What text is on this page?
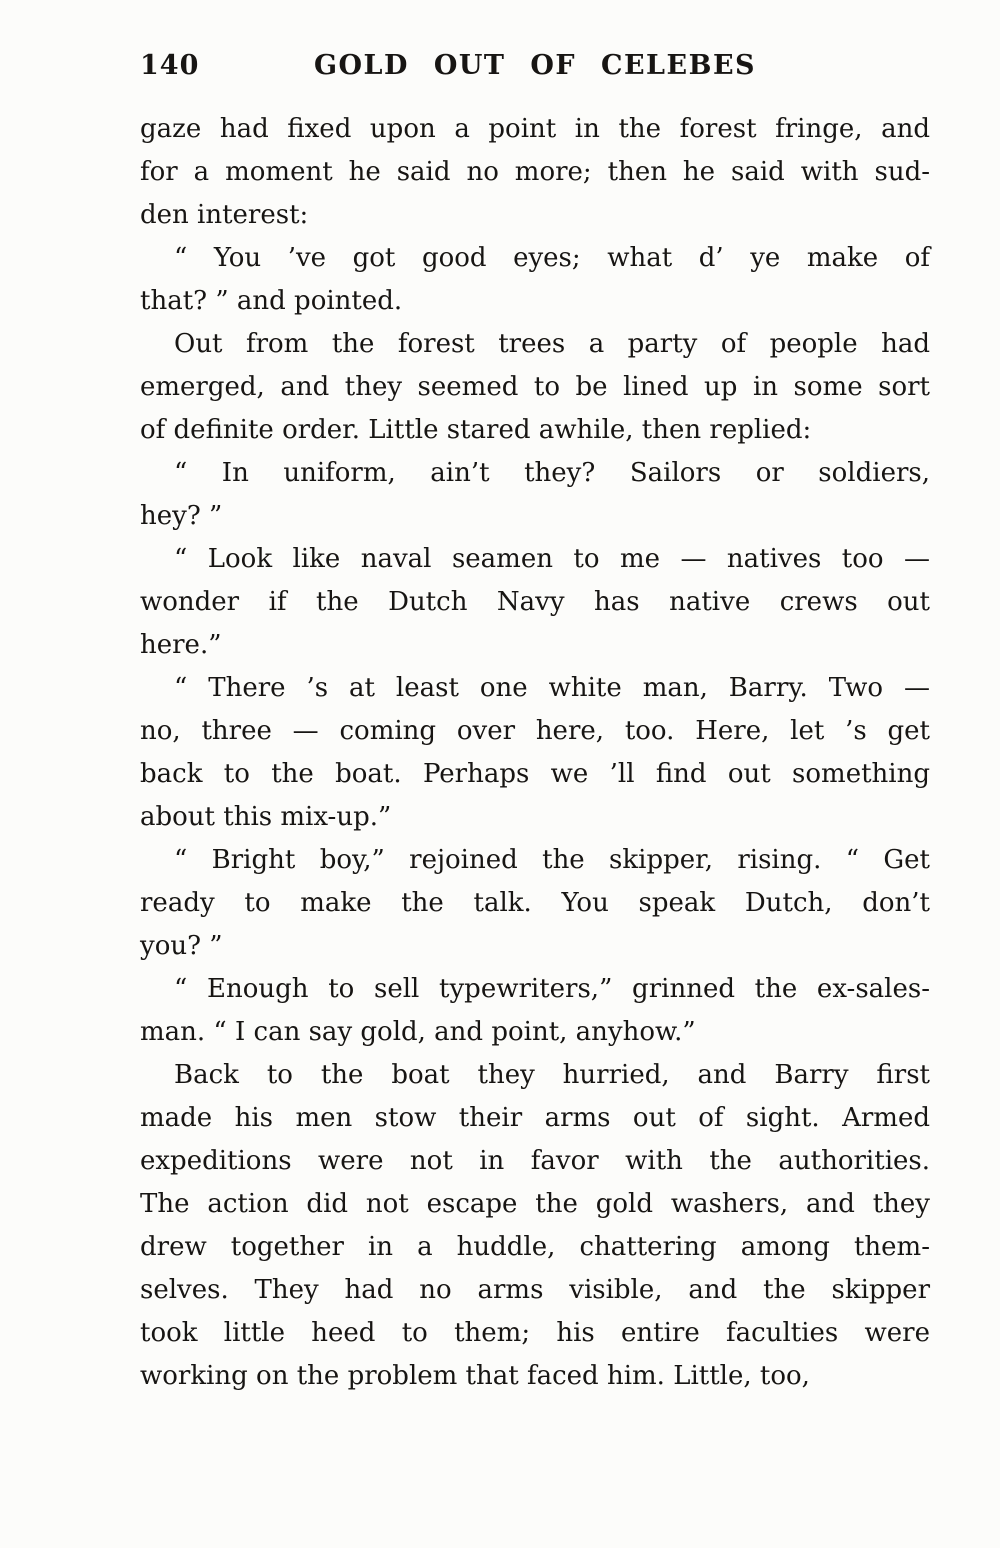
140	GOLD OUT OF CELEBES
gaze had fixed upon a point in the forest fringe, and
for a moment he said no more; then he said with sud-
den interest:
“ You ’ve got good eyes; what d’ ye make of
that? ” and pointed.
Out from the forest trees a party of people had
emerged, and they seemed to be lined up in some sort
of definite order. Little stared awhile, then replied:
“ In uniform, ain’t they? Sailors or soldiers,
hey? ”
“ Look like naval seamen to me — natives too —
wonder if the Dutch Navy has native crews out
here.”
“ There ’s at least one white man, Barry. Two —
no, three — coming over here, too. Here, let ’s get
back to the boat. Perhaps we ’ll find out something
about this mix-up.”
“ Bright boy,” rejoined the skipper, rising. “ Get
ready to make the talk. You speak Dutch, don’t
you? ”
“ Enough to sell typewriters,” grinned the ex-sales-
man. “ I can say gold, and point, anyhow.”
Back to the boat they hurried, and Barry first
made his men stow their arms out of sight. Armed
expeditions were not in favor with the authorities.
The action did not escape the gold washers, and they
drew together in a huddle, chattering among them-
selves. They had no arms visible, and the skipper
took little heed to them; his entire faculties were
working on the problem that faced him. Little, too,
